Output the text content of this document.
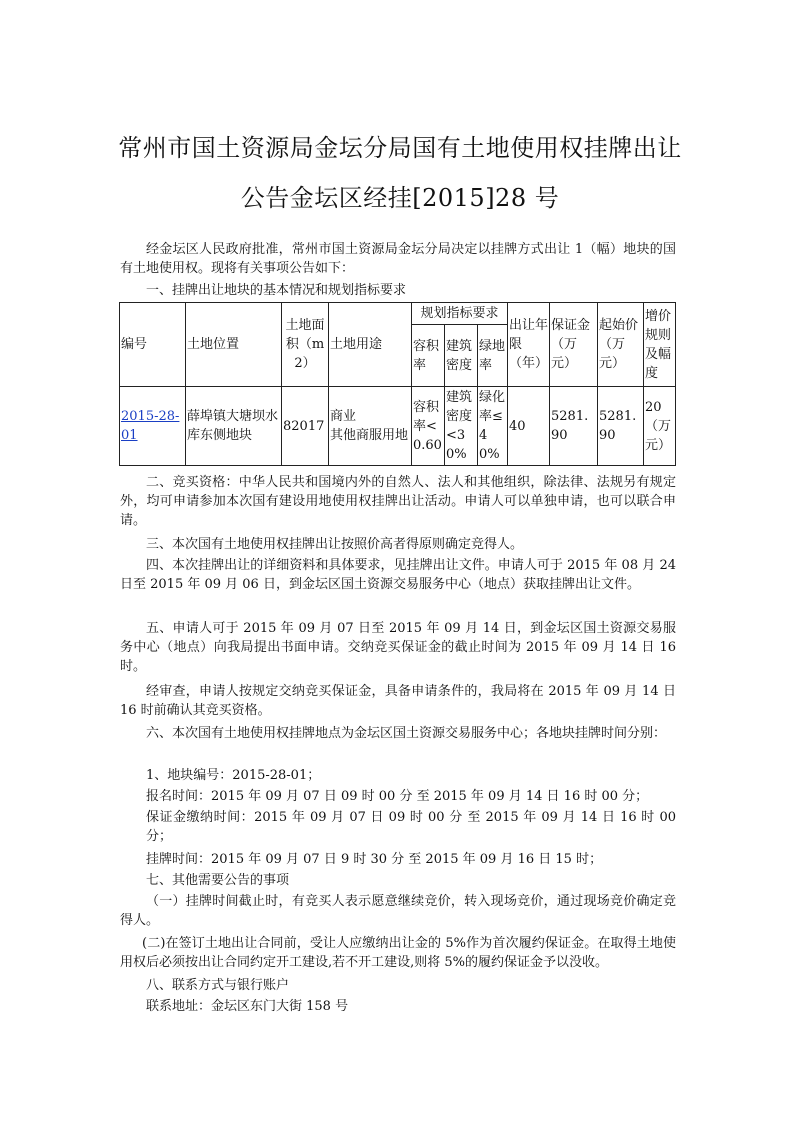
常州市国土资源局金坛分局国有土地使用权挂牌出让
公告金坛区经挂[2015]28 号

经金坛区人民政府批准，常州市国土资源局金坛分局决定以挂牌方式出让 1（幅）地块的国有土地使用权。现将有关事项公告如下：

一、挂牌出让地块的基本情况和规划指标要求

编号	土地位置	土地面积（m2）	土地用途	规划指标要求			出让年限（年）	保证金（万元）	起始价（万元）	增价规则及幅度
				容积率	建筑密度	绿地率				
2015-28-01	薛埠镇大塘坝水库东侧地块	82017	商业
其他商服用地	容积率<0.60	建筑密度<30%	绿化率≤40%	40	5281.90	5281.90	20（万元）

二、竞买资格：中华人民共和国境内外的自然人、法人和其他组织，除法律、法规另有规定外，均可申请参加本次国有建设用地使用权挂牌出让活动。申请人可以单独申请，也可以联合申请。

三、本次国有土地使用权挂牌出让按照价高者得原则确定竞得人。

四、本次挂牌出让的详细资料和具体要求，见挂牌出让文件。申请人可于 2015 年 08 月 24 日至 2015 年 09 月 06 日，到金坛区国土资源交易服务中心（地点）获取挂牌出让文件。

五、申请人可于 2015 年 09 月 07 日至 2015 年 09 月 14 日，到金坛区国土资源交易服务中心（地点）向我局提出书面申请。交纳竞买保证金的截止时间为 2015 年 09 月 14 日 16 时。

经审查，申请人按规定交纳竞买保证金，具备申请条件的，我局将在 2015 年 09 月 14 日 16 时前确认其竞买资格。

六、本次国有土地使用权挂牌地点为金坛区国土资源交易服务中心；各地块挂牌时间分别：

1、地块编号：2015-28-01；

报名时间：2015 年 09 月 07 日 09 时 00 分 至 2015 年 09 月 14 日 16 时 00 分；

保证金缴纳时间：2015 年 09 月 07 日 09 时 00 分 至 2015 年 09 月 14 日 16 时 00 分；

挂牌时间：2015 年 09 月 07 日 9 时 30 分 至 2015 年 09 月 16 日 15 时；

七、其他需要公告的事项

（一）挂牌时间截止时，有竞买人表示愿意继续竞价，转入现场竞价，通过现场竞价确定竞得人。

(二)在签订土地出让合同前，受让人应缴纳出让金的 5%作为首次履约保证金。在取得土地使用权后必须按出让合同约定开工建设,若不开工建设,则将 5%的履约保证金予以没收。

八、联系方式与银行账户

联系地址：金坛区东门大街 158 号
